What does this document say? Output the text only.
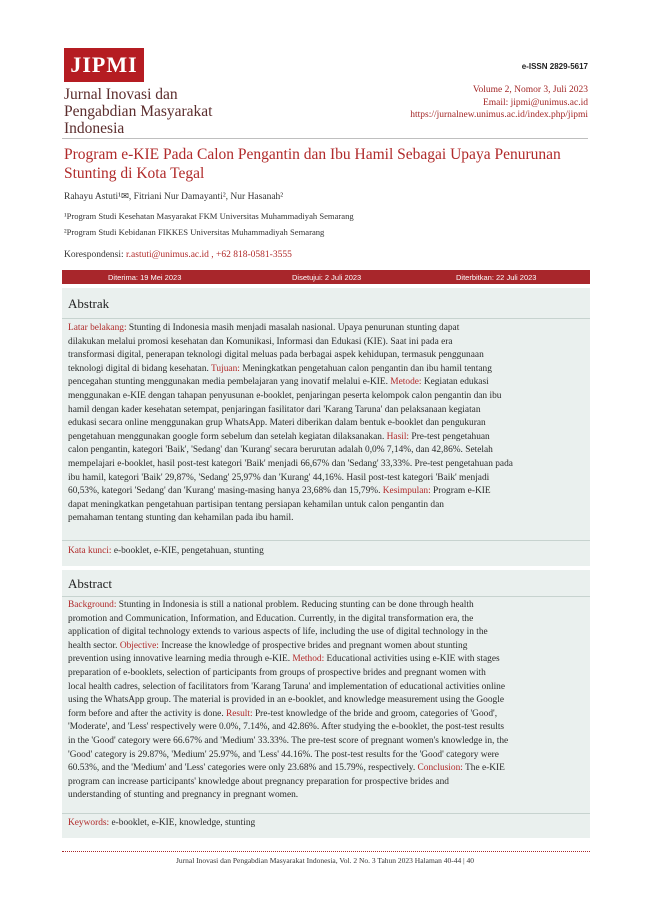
JIPMI
Jurnal Inovasi dan
Pengabdian Masyarakat
Indonesia
e-ISSN 2829-5617
Volume 2, Nomor 3, Juli 2023
Email: jipmi@unimus.ac.id
https://jurnalnew.unimus.ac.id/index.php/jipmi
Program e-KIE Pada Calon Pengantin dan Ibu Hamil Sebagai Upaya Penurunan
Stunting di Kota Tegal
Rahayu Astuti¹✉, Fitriani Nur Damayanti², Nur Hasanah²
¹Program Studi Kesehatan Masyarakat FKM Universitas Muhammadiyah Semarang
²Program Studi Kebidanan FIKKES Universitas Muhammadiyah Semarang
Korespondensi: r.astuti@unimus.ac.id , +62 818-0581-3555
Diterima: 19 Mei 2023	Disetujui: 2 Juli 2023	Diterbitkan: 22 Juli 2023
Abstrak
Latar belakang: Stunting di Indonesia masih menjadi masalah nasional. Upaya penurunan stunting dapat
dilakukan melalui promosi kesehatan dan Komunikasi, Informasi dan Edukasi (KIE). Saat ini pada era
transformasi digital, penerapan teknologi digital meluas pada berbagai aspek kehidupan, termasuk penggunaan
teknologi digital di bidang kesehatan. Tujuan: Meningkatkan pengetahuan calon pengantin dan ibu hamil tentang
pencegahan stunting menggunakan media pembelajaran yang inovatif melalui e-KIE. Metode: Kegiatan edukasi
menggunakan e-KIE dengan tahapan penyusunan e-booklet, penjaringan peserta kelompok calon pengantin dan ibu
hamil dengan kader kesehatan setempat, penjaringan fasilitator dari 'Karang Taruna' dan pelaksanaan kegiatan
edukasi secara online menggunakan grup WhatsApp. Materi diberikan dalam bentuk e-booklet dan pengukuran
pengetahuan menggunakan google form sebelum dan setelah kegiatan dilaksanakan. Hasil: Pre-test pengetahuan
calon pengantin, kategori 'Baik', 'Sedang' dan 'Kurang' secara berurutan adalah 0,0% 7,14%, dan 42,86%. Setelah
mempelajari e-booklet, hasil post-test kategori 'Baik' menjadi 66,67% dan 'Sedang' 33,33%. Pre-test pengetahuan pada
ibu hamil, kategori 'Baik' 29,87%, 'Sedang' 25,97% dan 'Kurang' 44,16%. Hasil post-test kategori 'Baik' menjadi
60,53%, kategori 'Sedang' dan 'Kurang' masing-masing hanya 23,68% dan 15,79%. Kesimpulan: Program e-KIE
dapat meningkatkan pengetahuan partisipan tentang persiapan kehamilan untuk calon pengantin dan
pemahaman tentang stunting dan kehamilan pada ibu hamil.
Kata kunci: e-booklet, e-KIE, pengetahuan, stunting
Abstract
Background: Stunting in Indonesia is still a national problem. Reducing stunting can be done through health
promotion and Communication, Information, and Education. Currently, in the digital transformation era, the
application of digital technology extends to various aspects of life, including the use of digital technology in the
health sector. Objective: Increase the knowledge of prospective brides and pregnant women about stunting
prevention using innovative learning media through e-KIE. Method: Educational activities using e-KIE with stages
preparation of e-booklets, selection of participants from groups of prospective brides and pregnant women with
local health cadres, selection of facilitators from 'Karang Taruna' and implementation of educational activities online
using the WhatsApp group. The material is provided in an e-booklet, and knowledge measurement using the Google
form before and after the activity is done. Result: Pre-test knowledge of the bride and groom, categories of 'Good',
'Moderate', and 'Less' respectively were 0.0%, 7.14%, and 42.86%. After studying the e-booklet, the post-test results
in the 'Good' category were 66.67% and 'Medium' 33.33%. The pre-test score of pregnant women's knowledge in, the
'Good' category is 29.87%, 'Medium' 25.97%, and 'Less' 44.16%. The post-test results for the 'Good' category were
60.53%, and the 'Medium' and 'Less' categories were only 23.68% and 15.79%, respectively. Conclusion: The e-KIE
program can increase participants' knowledge about pregnancy preparation for prospective brides and
understanding of stunting and pregnancy in pregnant women.
Keywords: e-booklet, e-KIE, knowledge, stunting
Jurnal Inovasi dan Pengabdian Masyarakat Indonesia, Vol. 2 No. 3 Tahun 2023 Halaman 40-44 | 40
